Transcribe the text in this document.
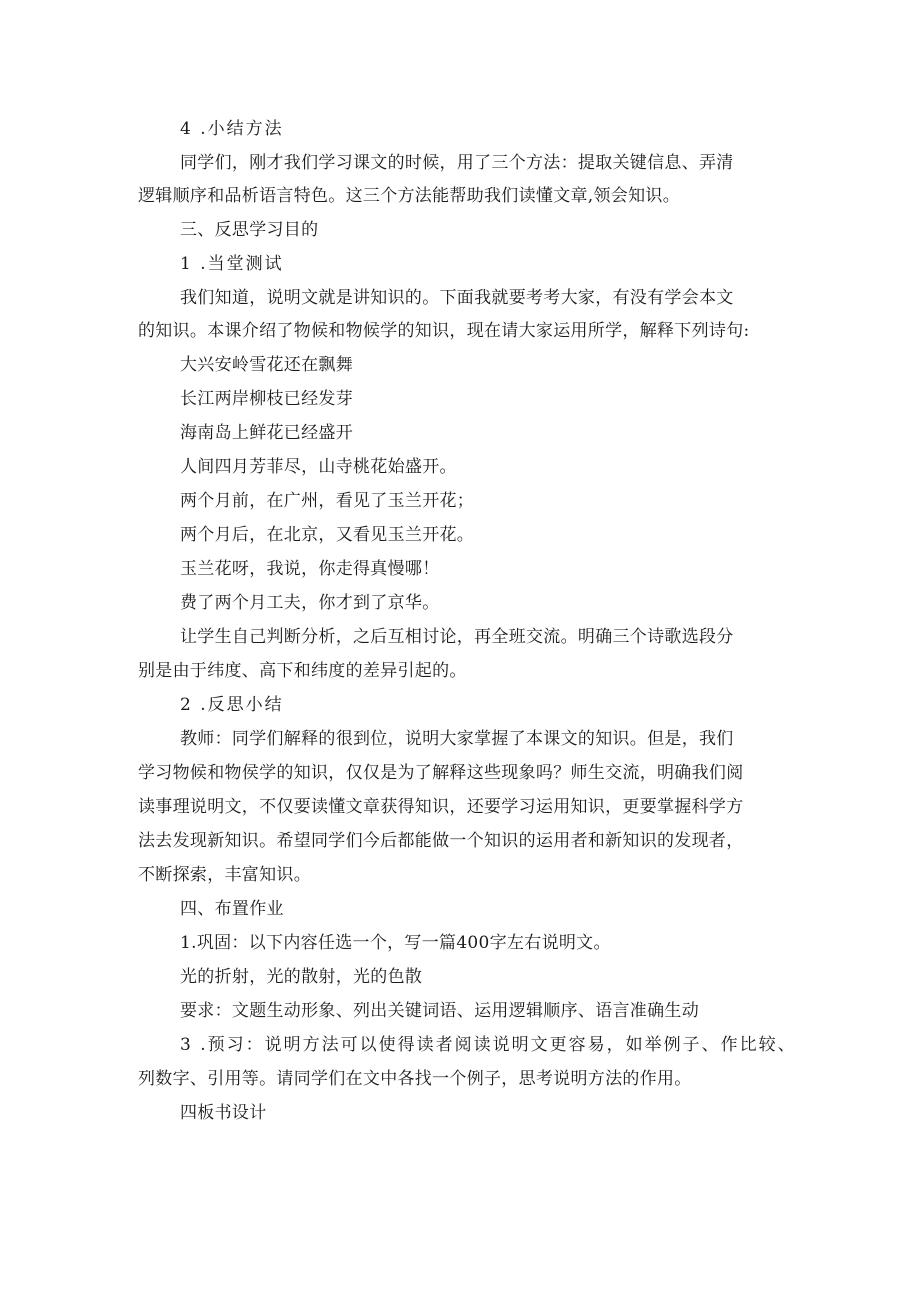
4 .小结方法
同学们，刚才我们学习课文的时候，用了三个方法：提取关键信息、弄清
逻辑顺序和品析语言特色。这三个方法能帮助我们读懂文章,领会知识。
三、反思学习目的
1 .当堂测试
我们知道，说明文就是讲知识的。下面我就要考考大家，有没有学会本文
的知识。本课介绍了物候和物候学的知识，现在请大家运用所学，解释下列诗句:
大兴安岭雪花还在飘舞
长江两岸柳枝已经发芽
海南岛上鲜花已经盛开
人间四月芳菲尽，山寺桃花始盛开。
两个月前，在广州，看见了玉兰开花；
两个月后，在北京，又看见玉兰开花。
玉兰花呀，我说，你走得真慢哪！
费了两个月工夫，你才到了京华。
让学生自己判断分析，之后互相讨论，再全班交流。明确三个诗歌选段分
别是由于纬度、高下和纬度的差异引起的。
2 .反思小结
教师：同学们解释的很到位，说明大家掌握了本课文的知识。但是，我们
学习物候和物侯学的知识，仅仅是为了解释这些现象吗？师生交流，明确我们阅
读事理说明文，不仅要读懂文章获得知识，还要学习运用知识，更要掌握科学方
法去发现新知识。希望同学们今后都能做一个知识的运用者和新知识的发现者，
不断探索，丰富知识。
四、布置作业
1.巩固：以下内容任选一个，写一篇400字左右说明文。
光的折射，光的散射，光的色散
要求：文题生动形象、列出关键词语、运用逻辑顺序、语言准确生动
3 .预习：说明方法可以使得读者阅读说明文更容易，如举例子、作比较、
列数字、引用等。请同学们在文中各找一个例子，思考说明方法的作用。
四板书设计
